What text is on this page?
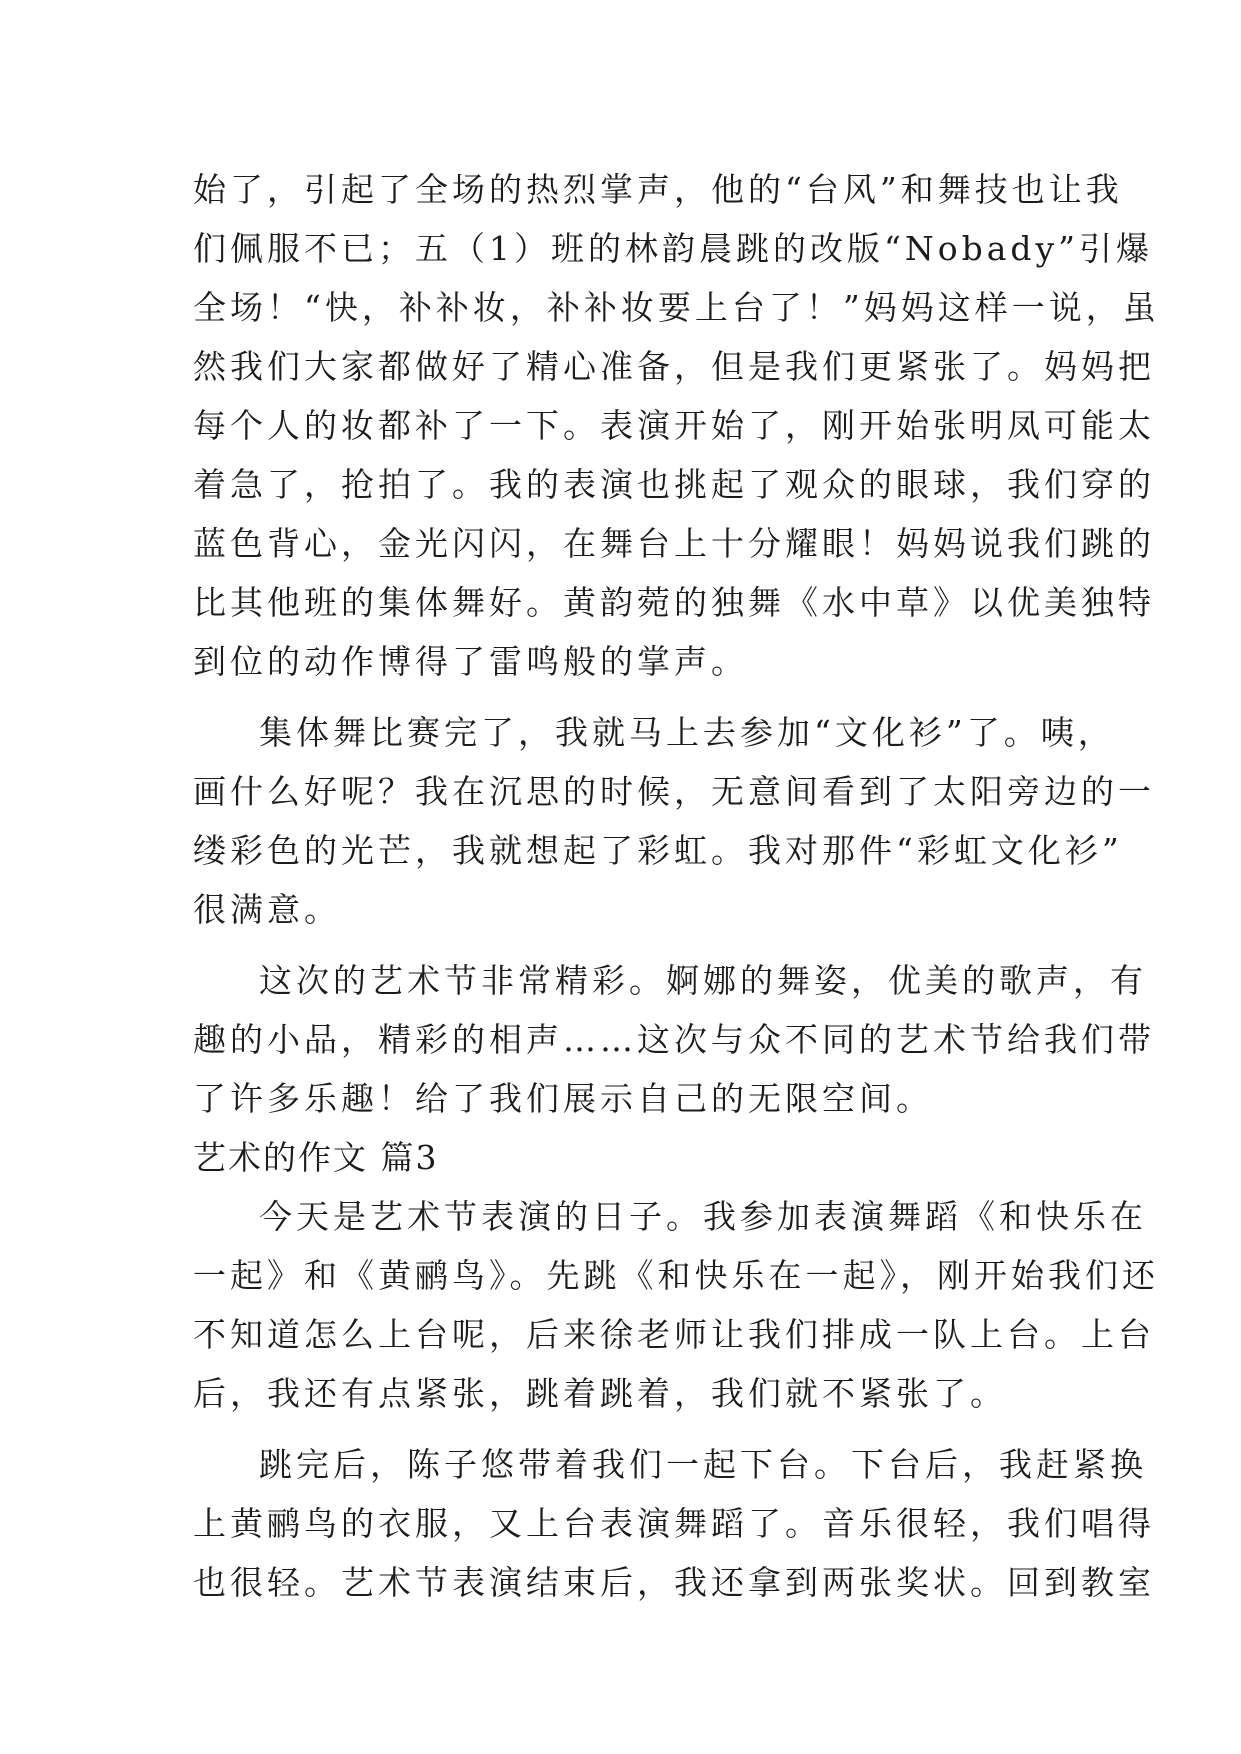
始了，引起了全场的热烈掌声，他的“台风”和舞技也让我
们佩服不已；五（1）班的林韵晨跳的改版“Nobady”引爆
全场！“快，补补妆，补补妆要上台了！”妈妈这样一说，虽
然我们大家都做好了精心准备，但是我们更紧张了。妈妈把
每个人的妆都补了一下。表演开始了，刚开始张明凤可能太
着急了，抢拍了。我的表演也挑起了观众的眼球，我们穿的
蓝色背心，金光闪闪，在舞台上十分耀眼！妈妈说我们跳的
比其他班的集体舞好。黄韵菀的独舞《水中草》以优美独特
到位的动作博得了雷鸣般的掌声。
集体舞比赛完了，我就马上去参加“文化衫”了。咦，
画什么好呢？我在沉思的时候，无意间看到了太阳旁边的一
缕彩色的光芒，我就想起了彩虹。我对那件“彩虹文化衫”
很满意。
这次的艺术节非常精彩。婀娜的舞姿，优美的歌声，有
趣的小品，精彩的相声……这次与众不同的艺术节给我们带
了许多乐趣！给了我们展示自己的无限空间。
艺术的作文 篇3
今天是艺术节表演的日子。我参加表演舞蹈《和快乐在
一起》和《黄鹂鸟》。先跳《和快乐在一起》，刚开始我们还
不知道怎么上台呢，后来徐老师让我们排成一队上台。上台
后，我还有点紧张，跳着跳着，我们就不紧张了。
跳完后，陈子悠带着我们一起下台。下台后，我赶紧换
上黄鹂鸟的衣服，又上台表演舞蹈了。音乐很轻，我们唱得
也很轻。艺术节表演结束后，我还拿到两张奖状。回到教室
